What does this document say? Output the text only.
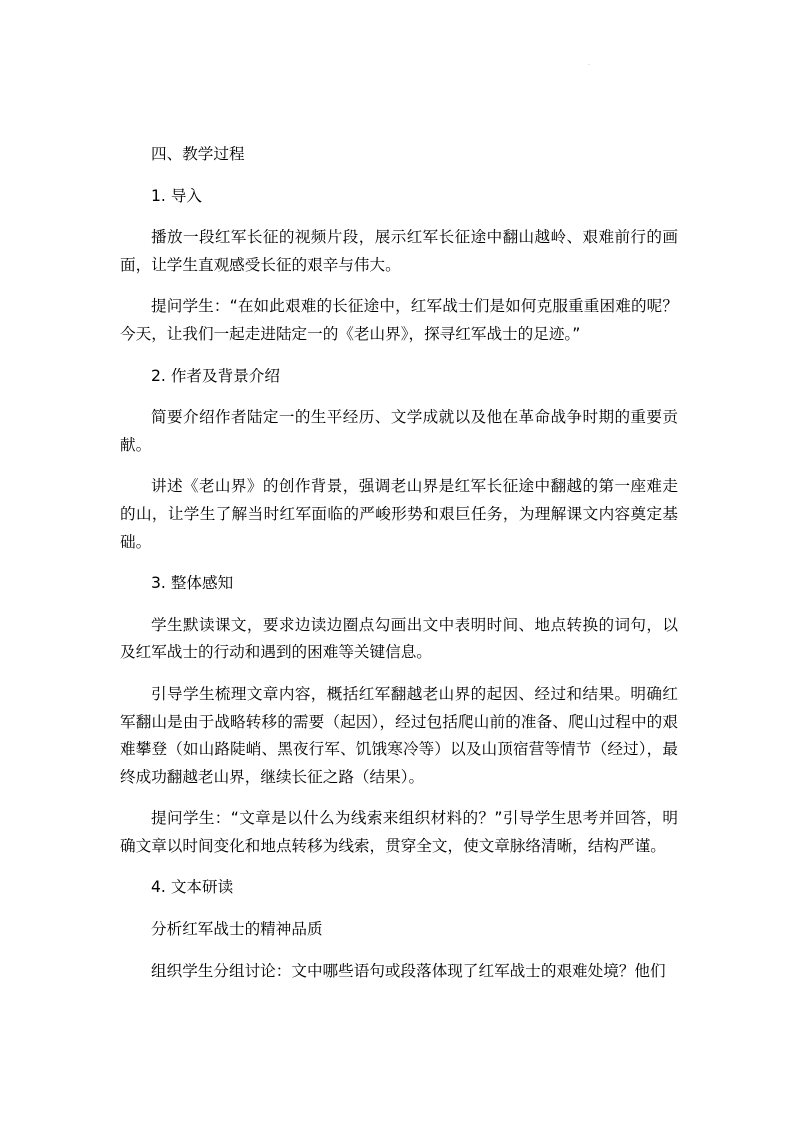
.

四、教学过程

1. 导入

播放一段红军长征的视频片段，展示红军长征途中翻山越岭、艰难前行的画面，让学生直观感受长征的艰辛与伟大。

提问学生：“在如此艰难的长征途中，红军战士们是如何克服重重困难的呢？今天，让我们一起走进陆定一的《老山界》，探寻红军战士的足迹。”

2. 作者及背景介绍

简要介绍作者陆定一的生平经历、文学成就以及他在革命战争时期的重要贡献。

讲述《老山界》的创作背景，强调老山界是红军长征途中翻越的第一座难走的山，让学生了解当时红军面临的严峻形势和艰巨任务，为理解课文内容奠定基础。

3. 整体感知

学生默读课文，要求边读边圈点勾画出文中表明时间、地点转换的词句，以及红军战士的行动和遇到的困难等关键信息。

引导学生梳理文章内容，概括红军翻越老山界的起因、经过和结果。明确红军翻山是由于战略转移的需要（起因），经过包括爬山前的准备、爬山过程中的艰难攀登（如山路陡峭、黑夜行军、饥饿寒冷等）以及山顶宿营等情节（经过），最终成功翻越老山界，继续长征之路（结果）。

提问学生：“文章是以什么为线索来组织材料的？”引导学生思考并回答，明确文章以时间变化和地点转移为线索，贯穿全文，使文章脉络清晰，结构严谨。

4. 文本研读

分析红军战士的精神品质

组织学生分组讨论：文中哪些语句或段落体现了红军战士的艰难处境？他们
